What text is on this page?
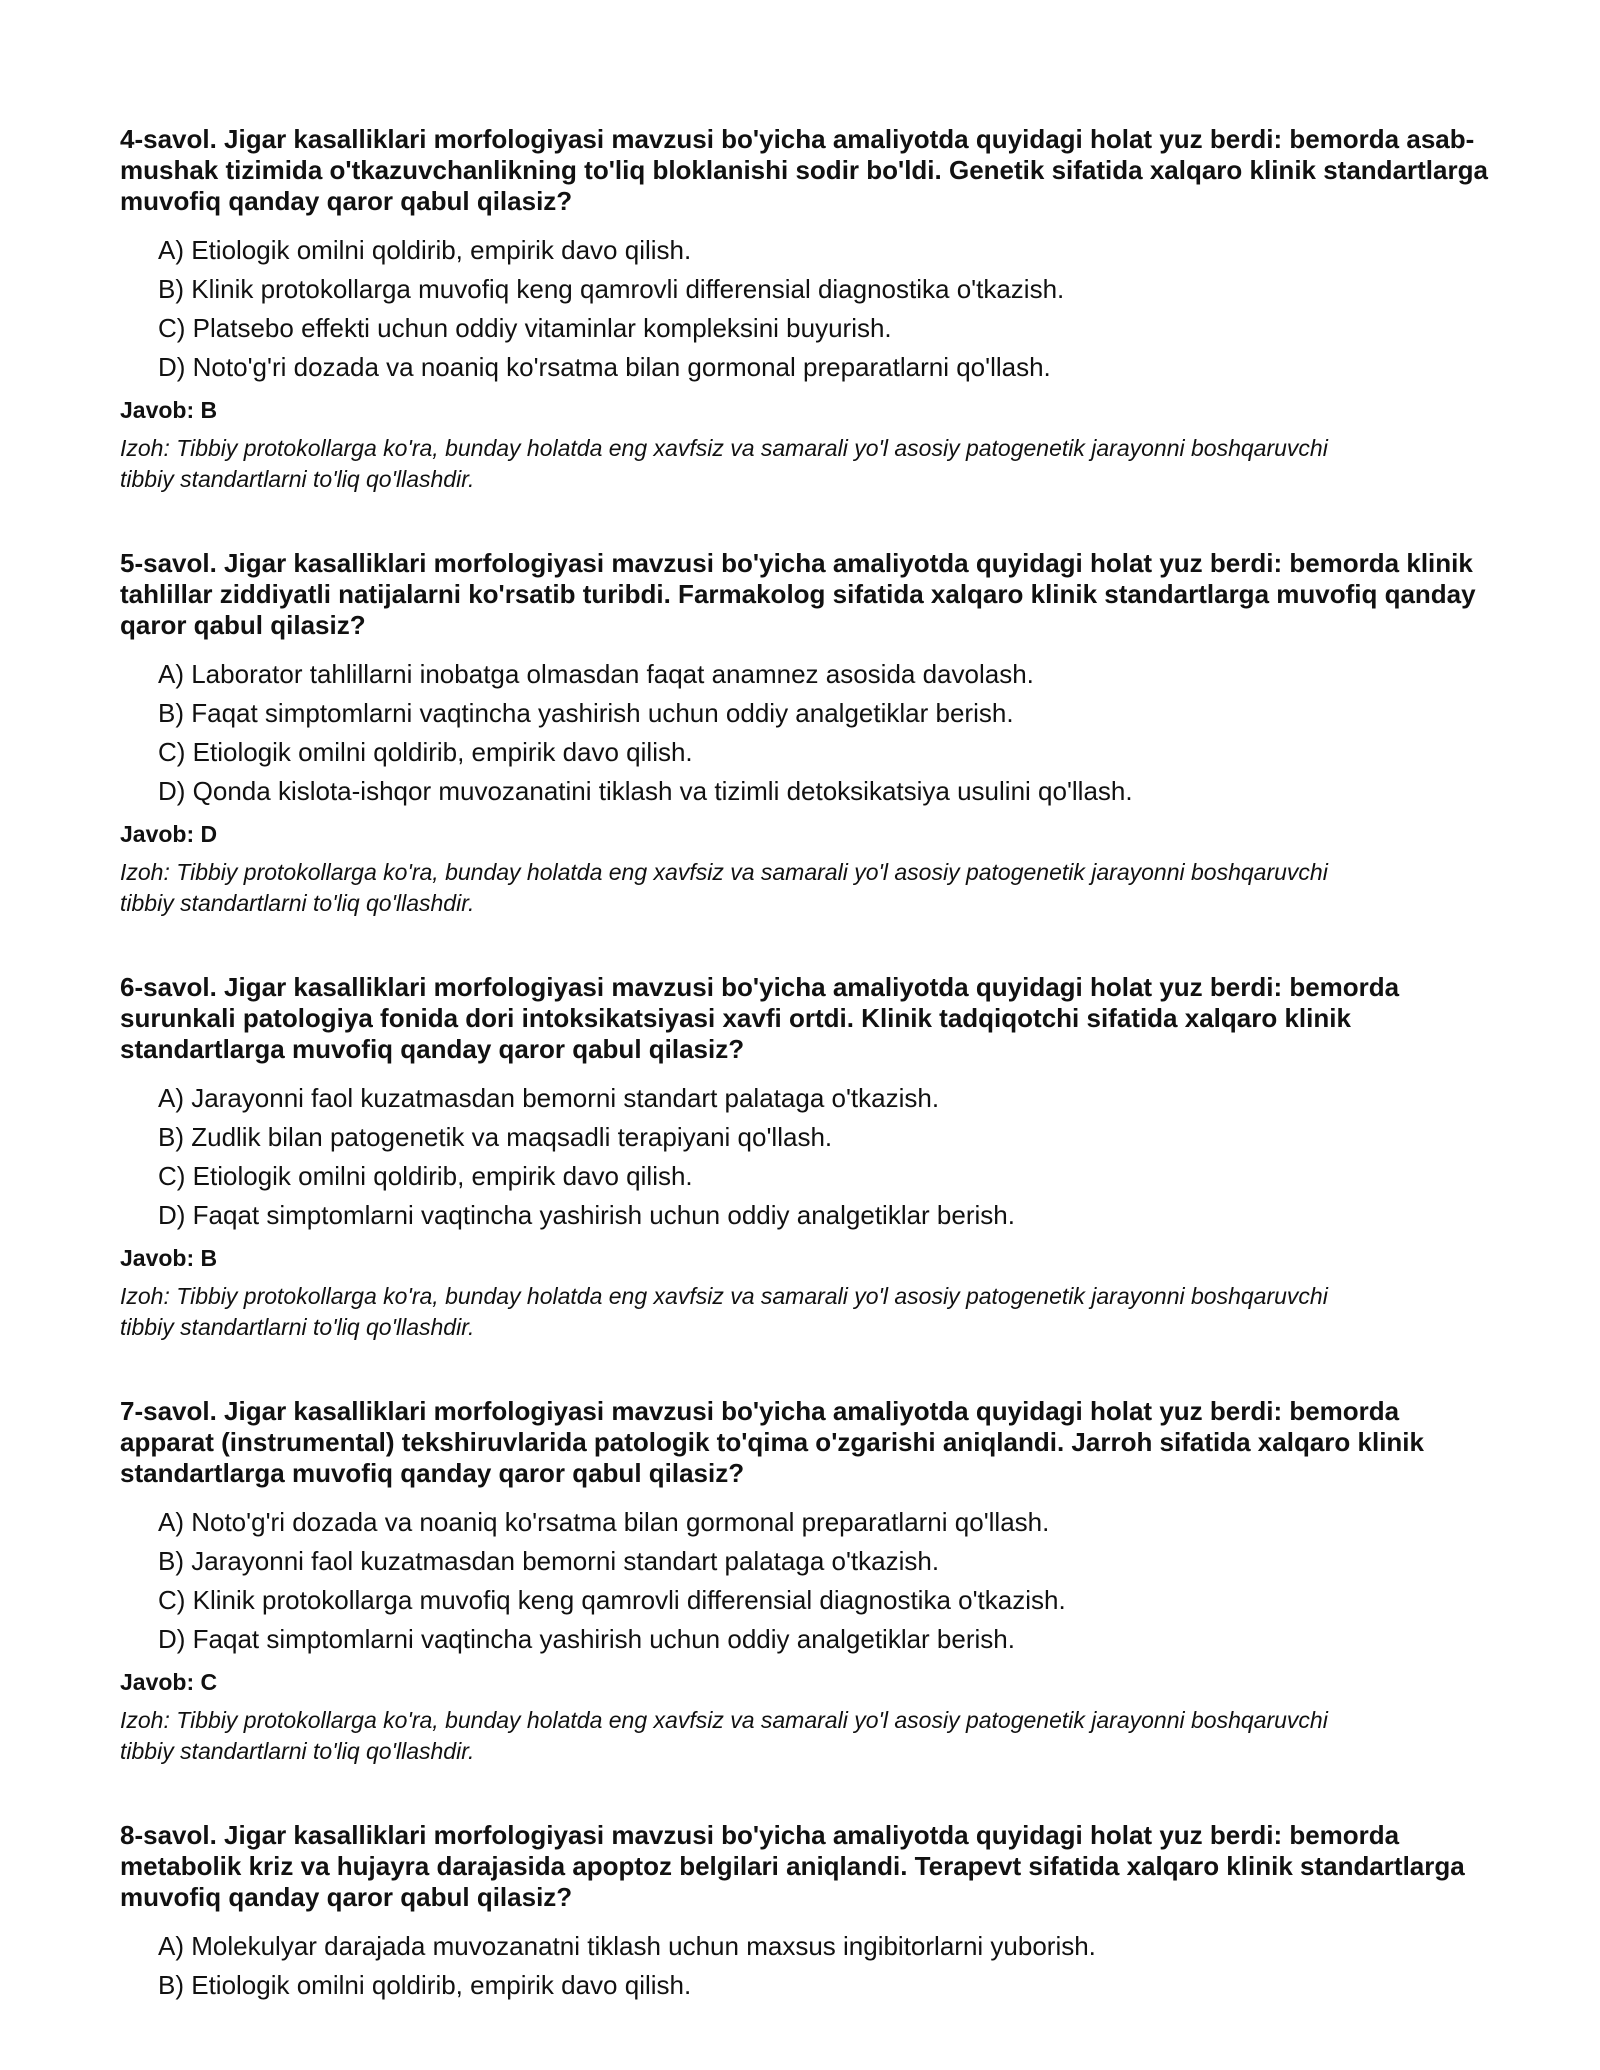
4-savol. Jigar kasalliklari morfologiyasi mavzusi bo'yicha amaliyotda quyidagi holat yuz berdi: bemorda asab-mushak tizimida o'tkazuvchanlikning to'liq bloklanishi sodir bo'ldi. Genetik sifatida xalqaro klinik standartlarga muvofiq qanday qaror qabul qilasiz?

A) Etiologik omilni qoldirib, empirik davo qilish.
B) Klinik protokollarga muvofiq keng qamrovli differensial diagnostika o'tkazish.
C) Platsebo effekti uchun oddiy vitaminlar kompleksini buyurish.
D) Noto'g'ri dozada va noaniq ko'rsatma bilan gormonal preparatlarni qo'llash.

Javob: B

Izoh: Tibbiy protokollarga ko'ra, bunday holatda eng xavfsiz va samarali yo'l asosiy patogenetik jarayonni boshqaruvchi tibbiy standartlarni to'liq qo'llashdir.

5-savol. Jigar kasalliklari morfologiyasi mavzusi bo'yicha amaliyotda quyidagi holat yuz berdi: bemorda klinik tahlillar ziddiyatli natijalarni ko'rsatib turibdi. Farmakolog sifatida xalqaro klinik standartlarga muvofiq qanday qaror qabul qilasiz?

A) Laborator tahlillarni inobatga olmasdan faqat anamnez asosida davolash.
B) Faqat simptomlarni vaqtincha yashirish uchun oddiy analgetiklar berish.
C) Etiologik omilni qoldirib, empirik davo qilish.
D) Qonda kislota-ishqor muvozanatini tiklash va tizimli detoksikatsiya usulini qo'llash.

Javob: D

Izoh: Tibbiy protokollarga ko'ra, bunday holatda eng xavfsiz va samarali yo'l asosiy patogenetik jarayonni boshqaruvchi tibbiy standartlarni to'liq qo'llashdir.

6-savol. Jigar kasalliklari morfologiyasi mavzusi bo'yicha amaliyotda quyidagi holat yuz berdi: bemorda surunkali patologiya fonida dori intoksikatsiyasi xavfi ortdi. Klinik tadqiqotchi sifatida xalqaro klinik standartlarga muvofiq qanday qaror qabul qilasiz?

A) Jarayonni faol kuzatmasdan bemorni standart palataga o'tkazish.
B) Zudlik bilan patogenetik va maqsadli terapiyani qo'llash.
C) Etiologik omilni qoldirib, empirik davo qilish.
D) Faqat simptomlarni vaqtincha yashirish uchun oddiy analgetiklar berish.

Javob: B

Izoh: Tibbiy protokollarga ko'ra, bunday holatda eng xavfsiz va samarali yo'l asosiy patogenetik jarayonni boshqaruvchi tibbiy standartlarni to'liq qo'llashdir.

7-savol. Jigar kasalliklari morfologiyasi mavzusi bo'yicha amaliyotda quyidagi holat yuz berdi: bemorda apparat (instrumental) tekshiruvlarida patologik to'qima o'zgarishi aniqlandi. Jarroh sifatida xalqaro klinik standartlarga muvofiq qanday qaror qabul qilasiz?

A) Noto'g'ri dozada va noaniq ko'rsatma bilan gormonal preparatlarni qo'llash.
B) Jarayonni faol kuzatmasdan bemorni standart palataga o'tkazish.
C) Klinik protokollarga muvofiq keng qamrovli differensial diagnostika o'tkazish.
D) Faqat simptomlarni vaqtincha yashirish uchun oddiy analgetiklar berish.

Javob: C

Izoh: Tibbiy protokollarga ko'ra, bunday holatda eng xavfsiz va samarali yo'l asosiy patogenetik jarayonni boshqaruvchi tibbiy standartlarni to'liq qo'llashdir.

8-savol. Jigar kasalliklari morfologiyasi mavzusi bo'yicha amaliyotda quyidagi holat yuz berdi: bemorda metabolik kriz va hujayra darajasida apoptoz belgilari aniqlandi. Terapevt sifatida xalqaro klinik standartlarga muvofiq qanday qaror qabul qilasiz?

A) Molekulyar darajada muvozanatni tiklash uchun maxsus ingibitorlarni yuborish.
B) Etiologik omilni qoldirib, empirik davo qilish.
